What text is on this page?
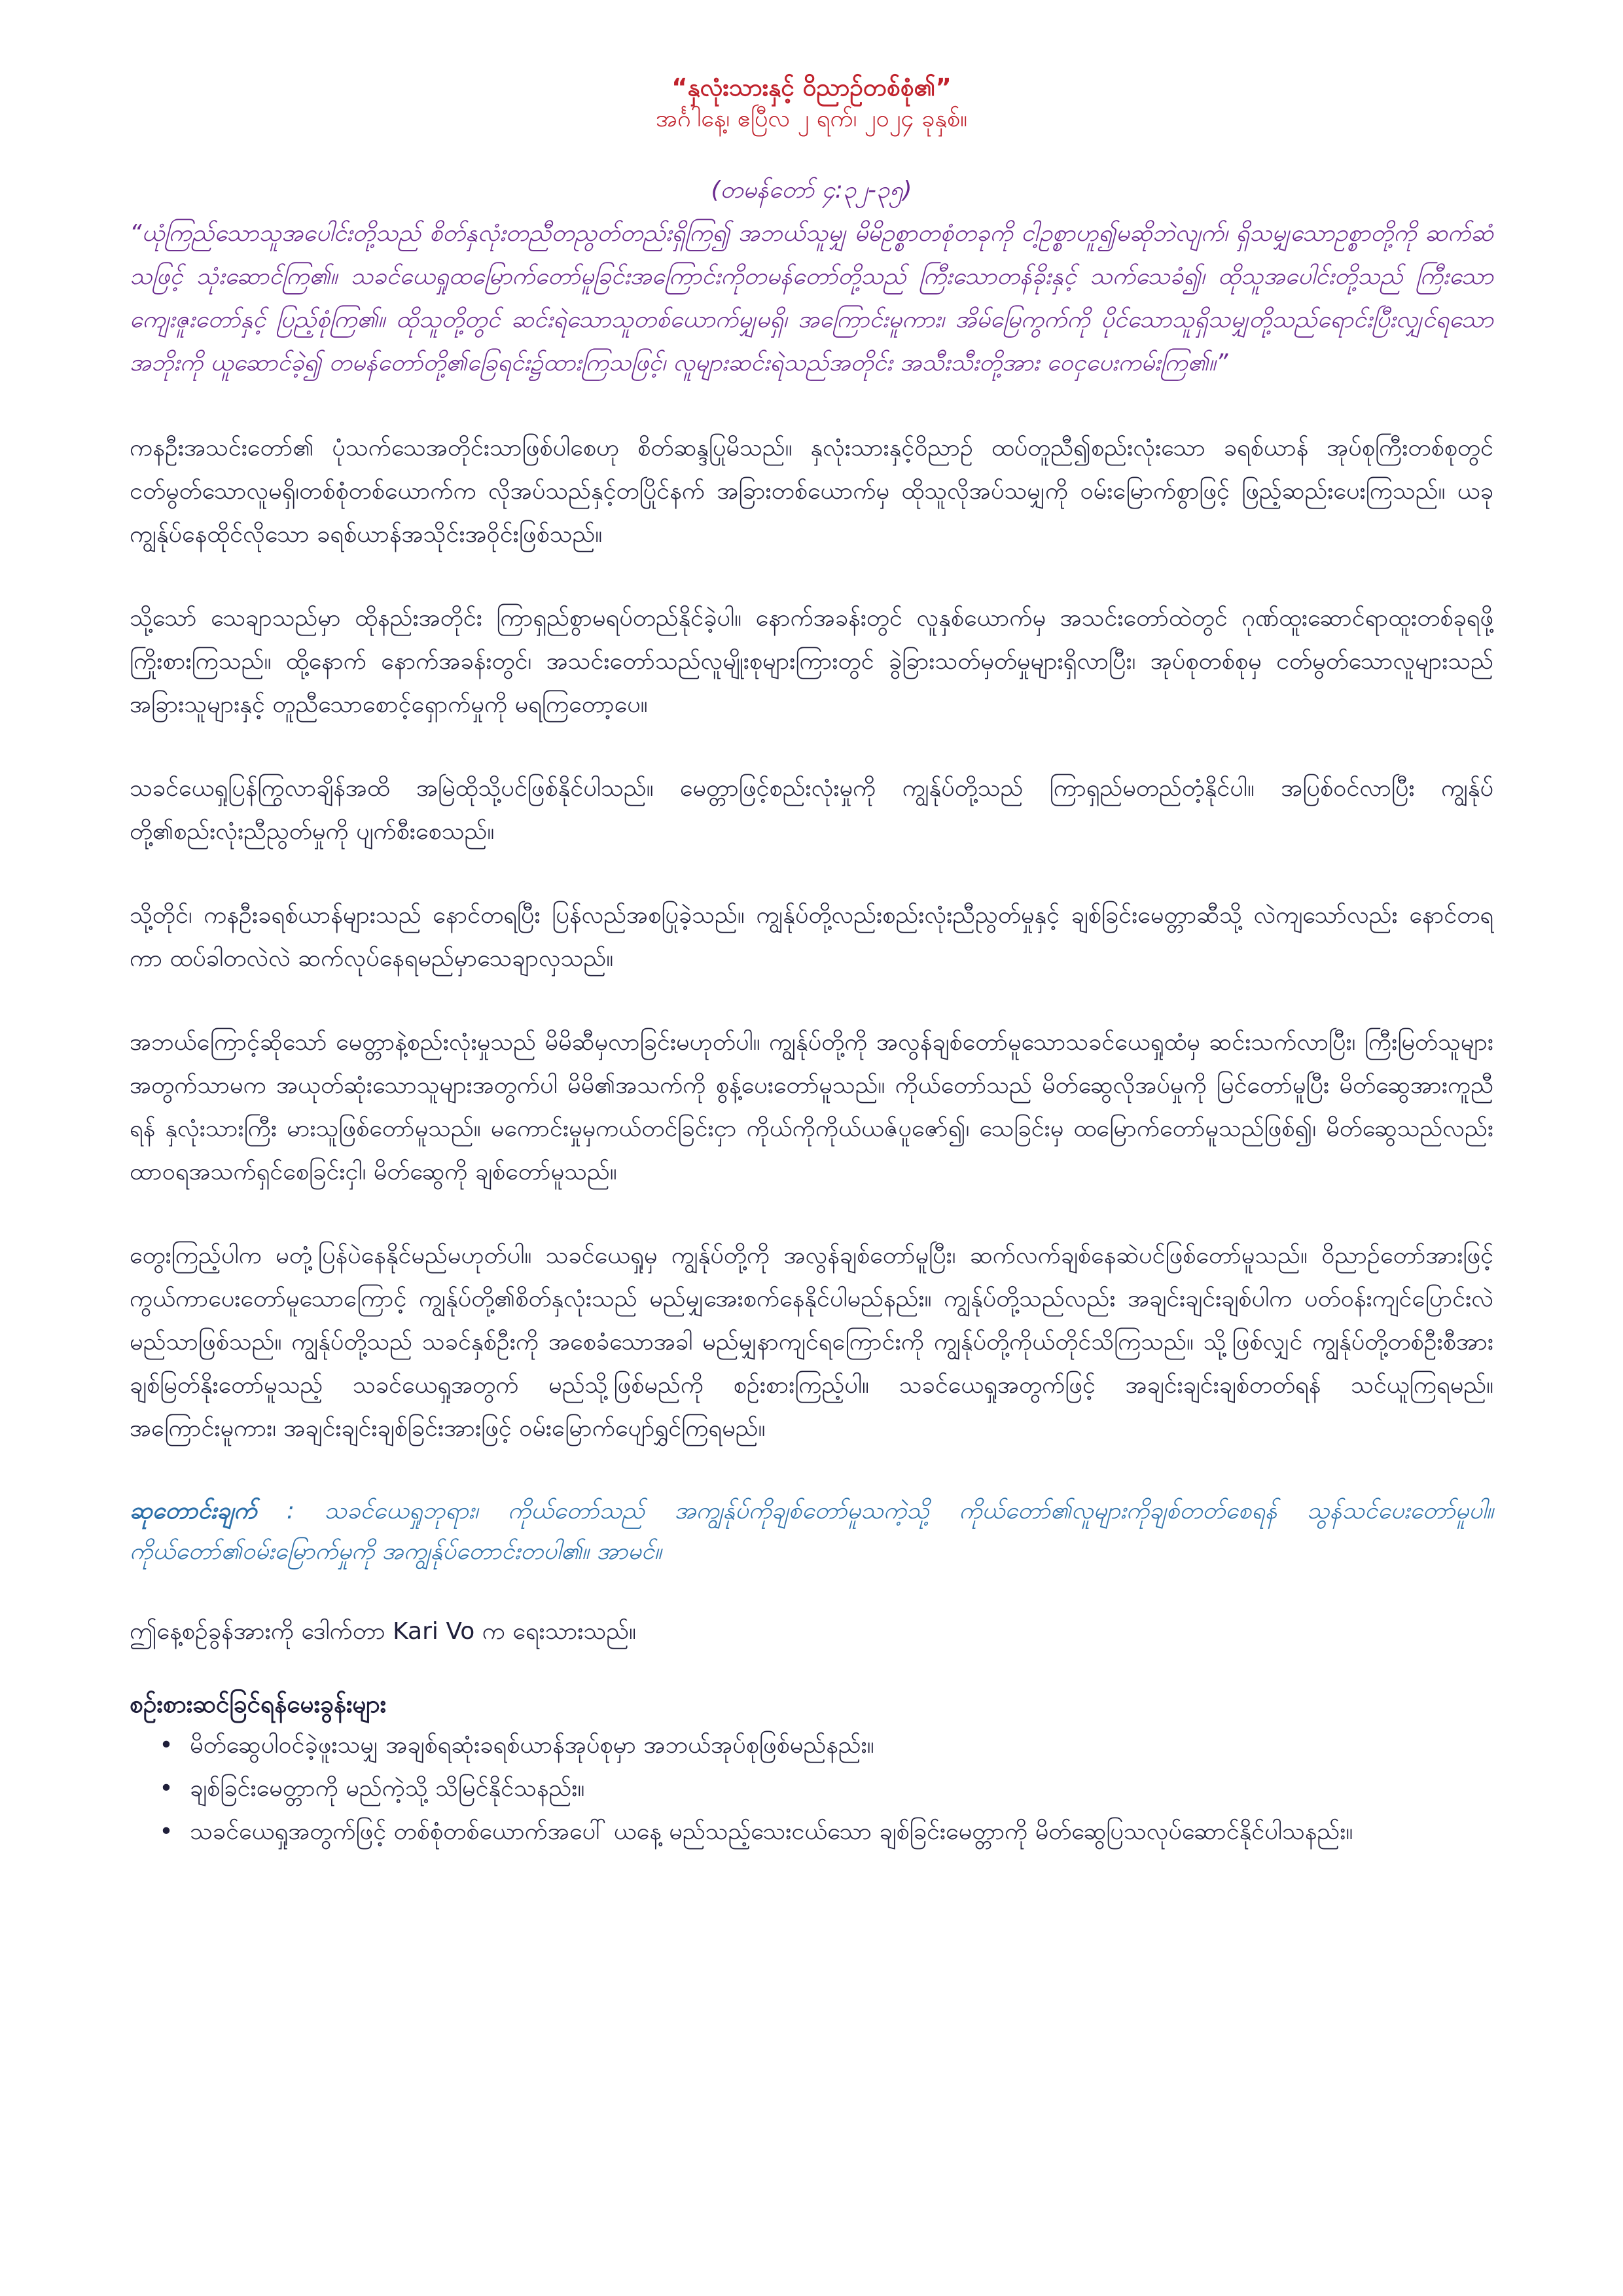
“နှလုံးသားနှင့် ဝိညာဉ်တစ်စုံ၏”

အင်္ဂါနေ့၊ ဧပြီလ ၂ ရက်၊ ၂၀၂၄ ခုနှစ်။

(တမန်တော် ၄:၃၂-၃၅)

“ယုံကြည်သောသူအပေါင်းတို့သည် စိတ်နှလုံးတညီတညွတ်တည်းရှိကြ၍ အဘယ်သူမျှ မိမိဥစ္စာတစုံတခုကို ငါ့ဥစ္စာဟူ၍မဆိုဘဲလျက်၊ ရှိသမျှသောဥစ္စာတို့ကို ဆက်ဆံသဖြင့် သုံးဆောင်ကြ၏။ သခင်ယေရှုထမြောက်တော်မူခြင်းအကြောင်းကိုတမန်တော်တို့သည် ကြီးသောတန်ခိုးနှင့် သက်သေခံ၍၊ ထိုသူအပေါင်းတို့သည် ကြီးသောကျေးဇူးတော်နှင့် ပြည့်စုံကြ၏။ ထိုသူတို့တွင် ဆင်းရဲသောသူတစ်ယောက်မျှမရှိ၊ အကြောင်းမူကား၊ အိမ်မြေကွက်ကို ပိုင်သောသူရှိသမျှတို့သည်ရောင်းပြီးလျှင်ရသော အဘိုးကို ယူဆောင်ခဲ့၍ တမန်တော်တို့၏ခြေရင်း၌ထားကြသဖြင့်၊ လူများဆင်းရဲသည်အတိုင်း အသီးသီးတို့အား ဝေငှပေးကမ်းကြ၏။”

ကနဦးအသင်းတော်၏ ပုံသက်သေအတိုင်းသာဖြစ်ပါစေဟု စိတ်ဆန္ဒပြုမိသည်။ နှလုံးသားနှင့်ဝိညာဉ် ထပ်တူညီ၍စည်းလုံးသော ခရစ်ယာန် အုပ်စုကြီးတစ်စုတွင် ငတ်မွတ်သောလူမရှိ၊တစ်စုံတစ်ယောက်က လိုအပ်သည်နှင့်တပြိုင်နက် အခြားတစ်ယောက်မှ ထိုသူလိုအပ်သမျှကို ဝမ်းမြောက်စွာဖြင့် ဖြည့်ဆည်းပေးကြသည်။ ယခု ကျွန်ုပ်နေထိုင်လိုသော ခရစ်ယာန်အသိုင်းအဝိုင်းဖြစ်သည်။

သို့သော် သေချာသည်မှာ ထိုနည်းအတိုင်း ကြာရှည်စွာမရပ်တည်နိုင်ခဲ့ပါ။ နောက်အခန်းတွင် လူနှစ်ယောက်မှ အသင်းတော်ထဲတွင် ဂုဏ်ထူးဆောင်ရာထူးတစ်ခုရဖို့ ကြိုးစားကြသည်။ ထို့နောက် နောက်အခန်းတွင်၊ အသင်းတော်သည်လူမျိုးစုများကြားတွင် ခွဲခြားသတ်မှတ်မှုများရှိလာပြီး၊ အုပ်စုတစ်စုမှ ငတ်မွတ်သောလူများသည် အခြားသူများနှင့် တူညီသောစောင့်ရှောက်မှုကို မရကြတော့ပေ။

သခင်ယေရှုပြန်ကြွလာချိန်အထိ အမြဲထိုသို့ပင်ဖြစ်နိုင်ပါသည်။ မေတ္တာဖြင့်စည်းလုံးမှုကို ကျွန်ုပ်တို့သည် ကြာရှည်မတည်တံ့နိုင်ပါ။ အပြစ်ဝင်လာပြီး ကျွန်ုပ်တို့၏စည်းလုံးညီညွတ်မှုကို ပျက်စီးစေသည်။

သို့တိုင်၊ ကနဦးခရစ်ယာန်များသည် နောင်တရပြီး ပြန်လည်အစပြုခဲ့သည်။ ကျွန်ုပ်တို့လည်းစည်းလုံးညီညွတ်မှုနှင့် ချစ်ခြင်းမေတ္တာဆီသို့ လဲကျသော်လည်း နောင်တရကာ ထပ်ခါတလဲလဲ ဆက်လုပ်နေရမည်မှာသေချာလှသည်။

အဘယ်ကြောင့်ဆိုသော် မေတ္တာနဲ့စည်းလုံးမှုသည် မိမိဆီမှလာခြင်းမဟုတ်ပါ။ ကျွန်ုပ်တို့ကို အလွန်ချစ်တော်မူသောသခင်ယေရှုထံမှ ဆင်းသက်လာပြီး၊ ကြီးမြတ်သူများအတွက်သာမက အယုတ်ဆုံးသောသူများအတွက်ပါ မိမိ၏အသက်ကို စွန့်ပေးတော်မူသည်။ ကိုယ်တော်သည် မိတ်ဆွေလိုအပ်မှုကို မြင်တော်မူပြီး မိတ်ဆွေအားကူညီရန် နှလုံးသားကြီး မားသူဖြစ်တော်မူသည်။ မကောင်းမှုမှကယ်တင်ခြင်းငှာ ကိုယ်ကိုကိုယ်ယဇ်ပူဇော်၍၊ သေခြင်းမှ ထမြောက်တော်မူသည်ဖြစ်၍၊ မိတ်ဆွေသည်လည်း ထာဝရအသက်ရှင်စေခြင်းငှါ၊ မိတ်ဆွေကို ချစ်တော်မူသည်။

တွေးကြည့်ပါက မတုံ့ပြန်ပဲနေနိုင်မည်မဟုတ်ပါ။ သခင်ယေရှုမှ ကျွန်ုပ်တို့ကို အလွန်ချစ်တော်မူပြီး၊ ဆက်လက်ချစ်နေဆဲပင်ဖြစ်တော်မူသည်။ ဝိညာဉ်တော်အားဖြင့် ကွယ်ကာပေးတော်မူသောကြောင့် ကျွန်ုပ်တို့၏စိတ်နှလုံးသည် မည်မျှအေးစက်နေနိုင်ပါမည်နည်း။ ကျွန်ုပ်တို့သည်လည်း အချင်းချင်းချစ်ပါက ပတ်ဝန်းကျင်ပြောင်းလဲမည်သာဖြစ်သည်။ ကျွန်ုပ်တို့သည် သခင်နှစ်ဦးကို အစေခံသောအခါ မည်မျှနာကျင်ရကြောင်းကို ကျွန်ုပ်တို့ကိုယ်တိုင်သိကြသည်။ သို့ဖြစ်လျှင် ကျွန်ုပ်တို့တစ်ဦးစီအား ချစ်မြတ်နိုးတော်မူသည့် သခင်ယေရှုအတွက် မည်သို့ဖြစ်မည်ကို စဉ်းစားကြည့်ပါ။ သခင်ယေရှုအတွက်ဖြင့် အချင်းချင်းချစ်တတ်ရန် သင်ယူကြရမည်။ အကြောင်းမူကား၊ အချင်းချင်းချစ်ခြင်းအားဖြင့် ဝမ်းမြောက်ပျော်ရွှင်ကြရမည်။

ဆုတောင်းချက် : သခင်ယေရှုဘုရား၊ ကိုယ်တော်သည် အကျွန်ုပ်ကိုချစ်တော်မူသကဲ့သို့ ကိုယ်တော်၏လူများကိုချစ်တတ်စေရန် သွန်သင်ပေးတော်မူပါ။ ကိုယ်တော်၏ဝမ်းမြောက်မှုကို အကျွန်ုပ်တောင်းတပါ၏။ အာမင်။

ဤနေ့စဉ်ခွန်အားကို ဒေါက်တာ Kari Vo က ရေးသားသည်။

စဉ်းစားဆင်ခြင်ရန်မေးခွန်းများ

• မိတ်ဆွေပါဝင်ခဲ့ဖူးသမျှ အချစ်ရဆုံးခရစ်ယာန်အုပ်စုမှာ အဘယ်အုပ်စုဖြစ်မည်နည်း။
• ချစ်ခြင်းမေတ္တာကို မည်ကဲ့သို့ သိမြင်နိုင်သနည်း။
• သခင်ယေရှုအတွက်ဖြင့် တစ်စုံတစ်ယောက်အပေါ် ယနေ့ မည်သည့်သေးငယ်သော ချစ်ခြင်းမေတ္တာကို မိတ်ဆွေပြသလုပ်ဆောင်နိုင်ပါသနည်း။
